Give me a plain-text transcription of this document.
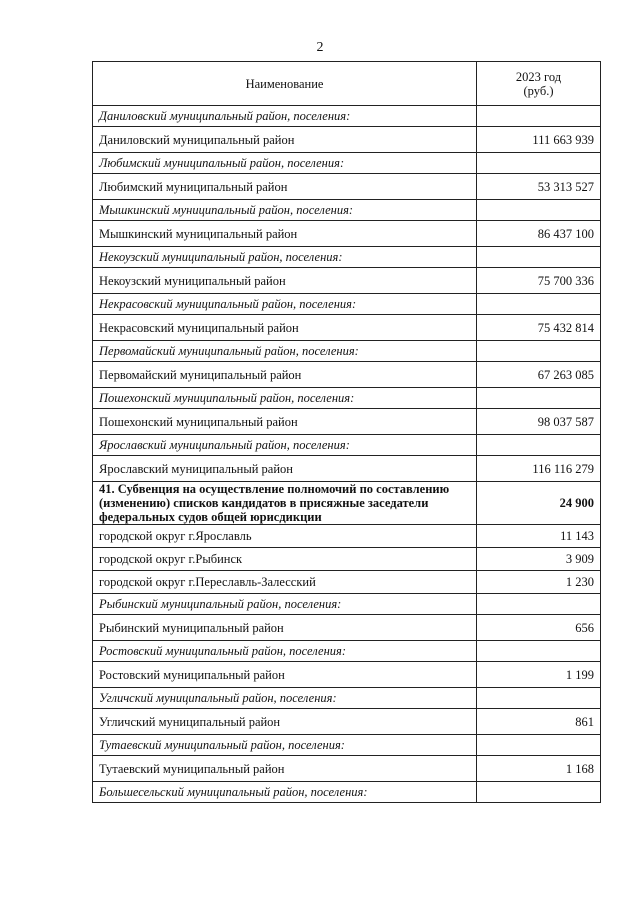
2
Наименование	2023 год
(руб.)
Даниловский муниципальный район, поселения:	
Даниловский муниципальный район	111 663 939
Любимский муниципальный район, поселения:	
Любимский муниципальный район	53 313 527
Мышкинский муниципальный район, поселения:	
Мышкинский муниципальный район	86 437 100
Некоузский муниципальный район, поселения:	
Некоузский муниципальный район	75 700 336
Некрасовский муниципальный район, поселения:	
Некрасовский муниципальный район	75 432 814
Первомайский муниципальный район, поселения:	
Первомайский муниципальный район	67 263 085
Пошехонский муниципальный район, поселения:	
Пошехонский муниципальный район	98 037 587
Ярославский муниципальный район, поселения:	
Ярославский муниципальный район	116 116 279
41. Субвенция на осуществление полномочий по составлению (изменению) списков кандидатов в присяжные заседатели федеральных судов общей юрисдикции	24 900
городской округ г.Ярославль	11 143
городской округ г.Рыбинск	3 909
городской округ г.Переславль-Залесский	1 230
Рыбинский муниципальный район, поселения:	
Рыбинский муниципальный район	656
Ростовский муниципальный район, поселения:	
Ростовский муниципальный район	1 199
Угличский муниципальный район, поселения:	
Угличский муниципальный район	861
Тутаевский муниципальный район, поселения:	
Тутаевский муниципальный район	1 168
Большесельский муниципальный район, поселения:	
